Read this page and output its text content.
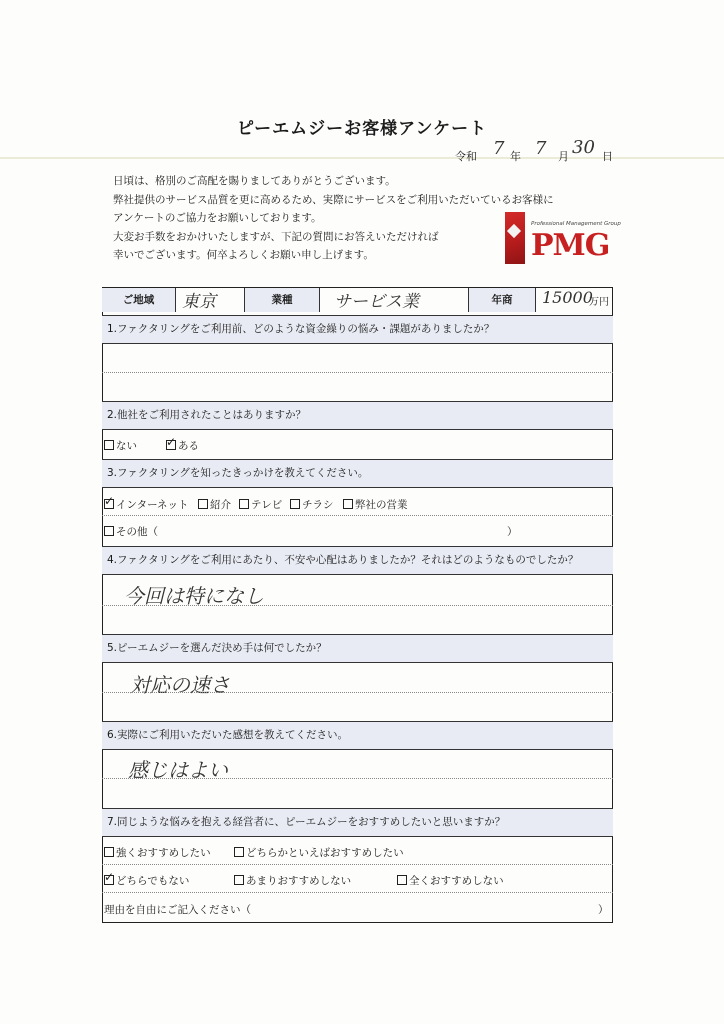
ピーエムジーお客様アンケート
令和 7 年 7 月 30 日
日頃は、格別のご高配を賜りましてありがとうございます。
弊社提供のサービス品質を更に高めるため、実際にサービスをご利用いただいているお客様に
アンケートのご協力をお願いしております。
大変お手数をおかけいたしますが、下記の質問にお答えいただければ
幸いでございます。何卒よろしくお願い申し上げます。
Professional Management Group
PMG
ご地域	東京	業種	サービス業	年商	15000
万円
1.ファクタリングをご利用前、どのような資金繰りの悩み・課題がありましたか？
2.他社をご利用されたことはありますか？
ない
✓	ある
3.ファクタリングを知ったきっかけを教えてください。
✓インターネット	紹介	テレビ	チラシ	弊社の営業
その他（	）
4.ファクタリングをご利用にあたり、不安や心配はありましたか？それはどのようなものでしたか？
今回は特になし
5.ピーエムジーを選んだ決め手は何でしたか？
対応の速さ
6.実際にご利用いただいた感想を教えてください。
感じはよい
7.同じような悩みを抱える経営者に、ピーエムジーをおすすめしたいと思いますか？
強くおすすめしたい	どちらかといえばおすすめしたい
✓どちらでもない	あまりおすすめしない	全くおすすめしない
理由を自由にご記入ください（	）
